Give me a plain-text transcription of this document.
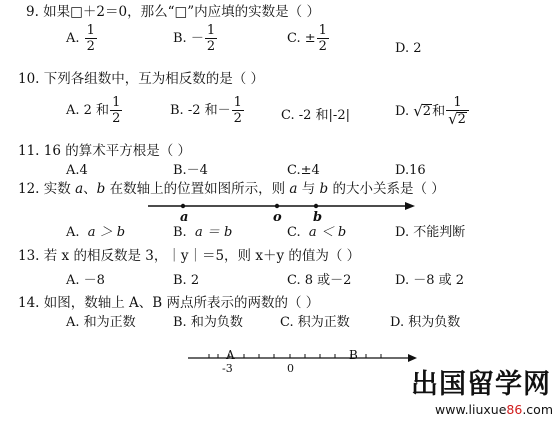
9. 如果□＋2＝0，那么“□”内应填的实数是（ ）
A.
$\frac{1}{2}$	B.
－ $\frac{1}{2}$	C.
± $\frac{1}{2}$	D. 2
10. 下列各组数中，互为相反数的是（ ）
A. 2 和 $\frac{1}{2}$	B. -2 和－ $\frac{1}{2}$	C. -2 和|-2|	D.
√ 2 和 $\frac{1}{√ 2}$
11. 16 的算术平方根是（ ）
A.4	B.－4	C.±4	D.16
12. 实数 a、b 在数轴上的位置如图所示，则 a 与 b 的大小关系是（ ）
a	o b
A. a ＞ b	B. a ＝ b	C. a ＜ b	D. 不能判断
13. 若 x 的相反数是 3，｜y｜＝5，则 x＋y 的值为（ ）
A. －8	B. 2	C. 8 或－2	D. －8 或 2
14. 如图，数轴上 A、B 两点所表示的两数的（ ）
A. 和为正数	B. 和为负数	C. 积为正数	D. 积为负数
A	B
-3	0
出国留学网
www.liuxue86.com
